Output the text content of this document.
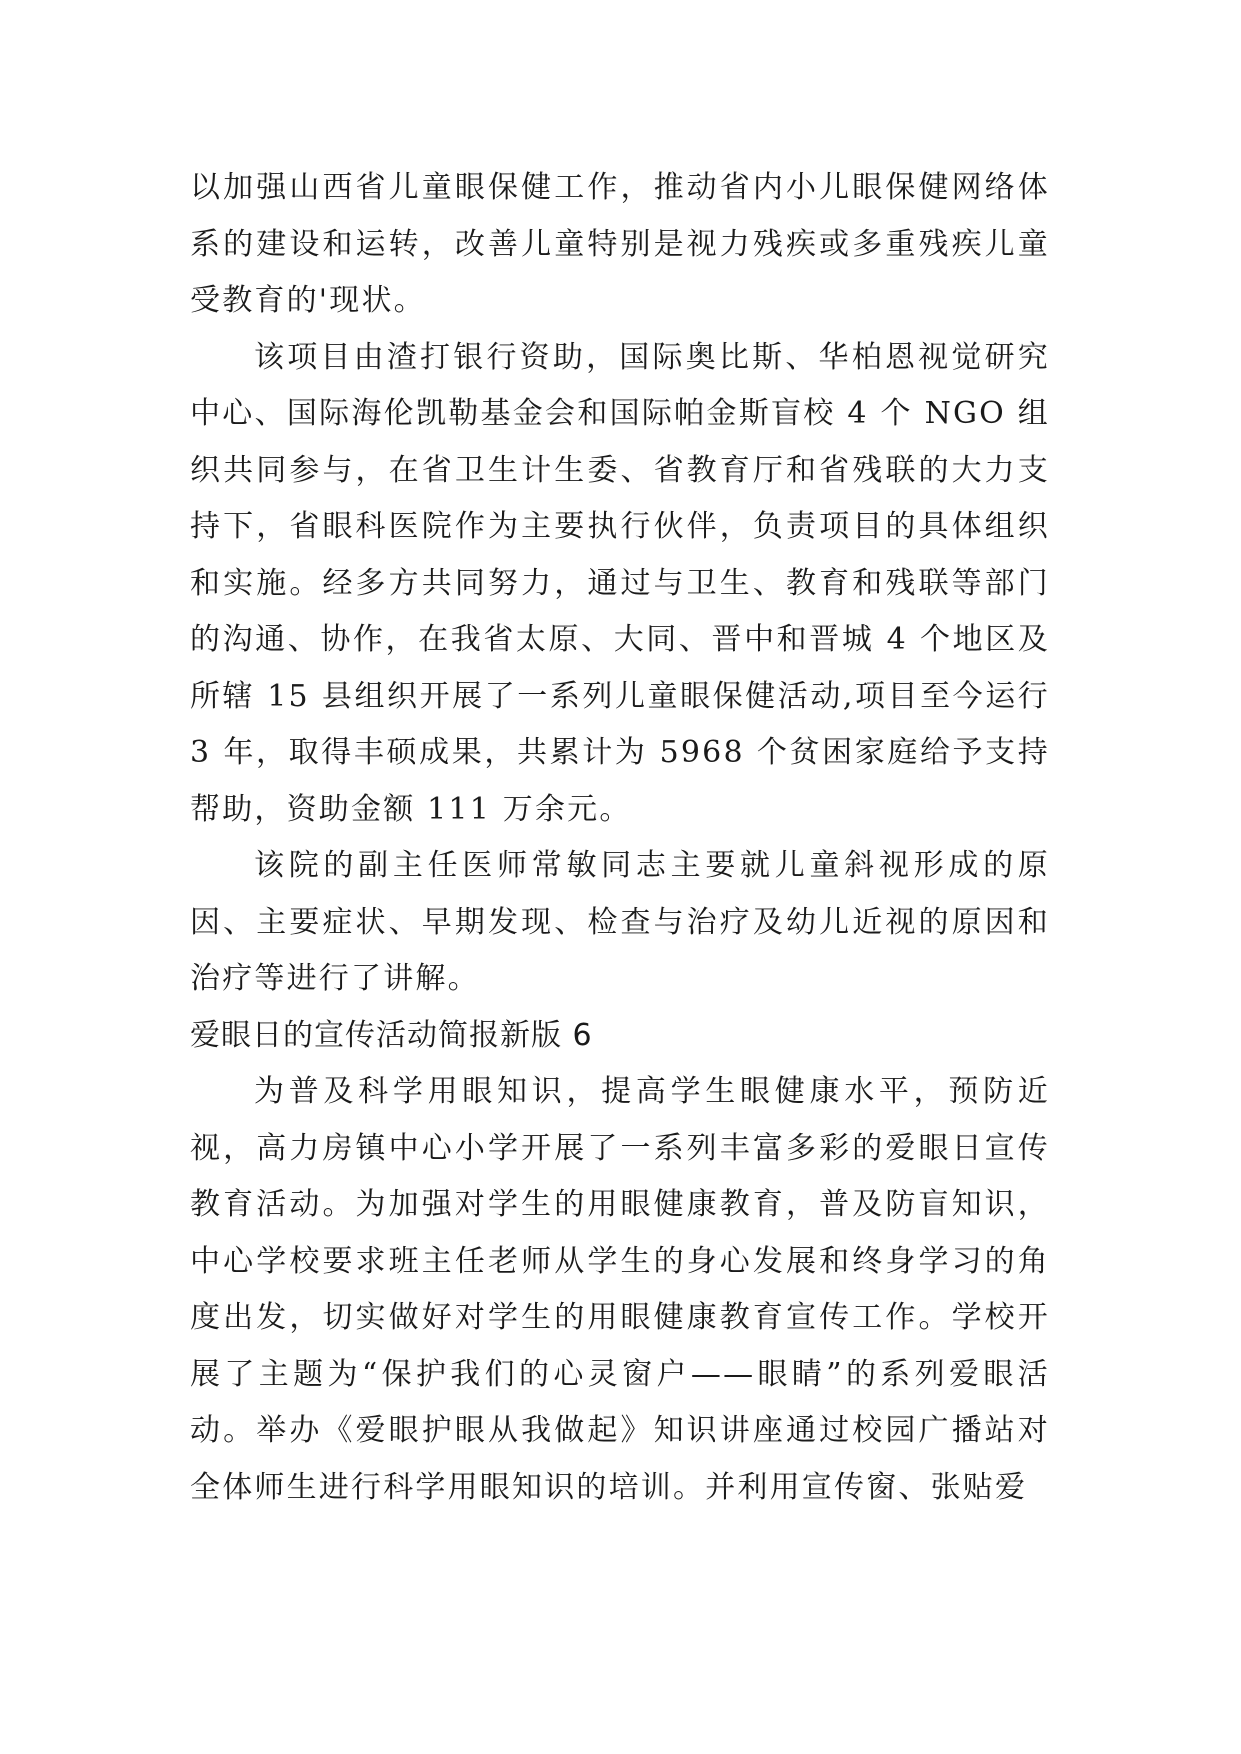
以加强山西省儿童眼保健工作，推动省内小儿眼保健网络体系的建设和运转，改善儿童特别是视力残疾或多重残疾儿童受教育的'现状。

该项目由渣打银行资助，国际奥比斯、华柏恩视觉研究中心、国际海伦凯勒基金会和国际帕金斯盲校 4 个 NGO 组织共同参与，在省卫生计生委、省教育厅和省残联的大力支持下，省眼科医院作为主要执行伙伴，负责项目的具体组织和实施。经多方共同努力，通过与卫生、教育和残联等部门的沟通、协作，在我省太原、大同、晋中和晋城 4 个地区及所辖 15 县组织开展了一系列儿童眼保健活动,项目至今运行 3 年，取得丰硕成果，共累计为 5968 个贫困家庭给予支持帮助，资助金额 111 万余元。

该院的副主任医师常敏同志主要就儿童斜视形成的原因、主要症状、早期发现、检查与治疗及幼儿近视的原因和治疗等进行了讲解。

爱眼日的宣传活动简报新版 6

为普及科学用眼知识，提高学生眼健康水平，预防近视，高力房镇中心小学开展了一系列丰富多彩的爱眼日宣传教育活动。为加强对学生的用眼健康教育，普及防盲知识，中心学校要求班主任老师从学生的身心发展和终身学习的角度出发，切实做好对学生的用眼健康教育宣传工作。学校开展了主题为“保护我们的心灵窗户——眼睛”的系列爱眼活动。举办《爱眼护眼从我做起》知识讲座通过校园广播站对全体师生进行科学用眼知识的培训。并利用宣传窗、张贴爱
